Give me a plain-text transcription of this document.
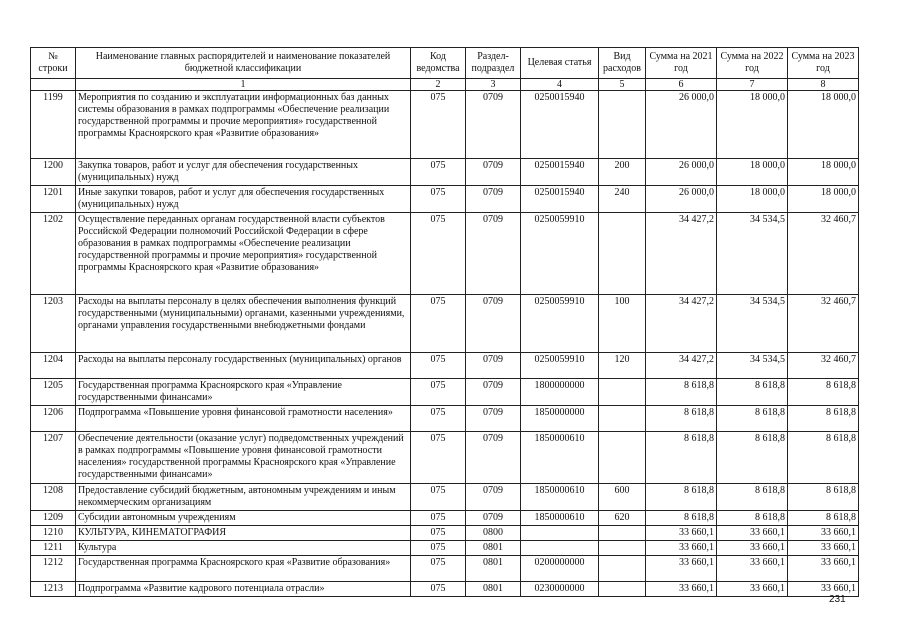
№ строки	Наименование главных распорядителей и наименование показателей бюджетной классификации	Код ведомства	Раздел-подраздел	Целевая статья	Вид расходов	Сумма на 2021 год	Сумма на 2022 год	Сумма на 2023 год
	1	2	3	4	5	6	7	8
1199	Мероприятия по созданию и эксплуатации информационных баз данных системы образования в рамках подпрограммы «Обеспечение реализации государственной программы и прочие мероприятия» государственной программы Красноярского края «Развитие образования»	075	0709	0250015940		26 000,0	18 000,0	18 000,0
1200	Закупка товаров, работ и услуг для обеспечения государственных (муниципальных) нужд	075	0709	0250015940	200	26 000,0	18 000,0	18 000,0
1201	Иные закупки товаров, работ и услуг для обеспечения государственных (муниципальных) нужд	075	0709	0250015940	240	26 000,0	18 000,0	18 000,0
1202	Осуществление переданных органам государственной власти субъектов Российской Федерации полномочий Российской Федерации в сфере образования в рамках подпрограммы «Обеспечение реализации государственной программы и прочие мероприятия» государственной программы Красноярского края «Развитие образования»	075	0709	0250059910		34 427,2	34 534,5	32 460,7
1203	Расходы на выплаты персоналу в целях обеспечения выполнения функций государственными (муниципальными) органами, казенными учреждениями, органами управления государственными внебюджетными фондами	075	0709	0250059910	100	34 427,2	34 534,5	32 460,7
1204	Расходы на выплаты персоналу государственных (муниципальных) органов	075	0709	0250059910	120	34 427,2	34 534,5	32 460,7
1205	Государственная программа Красноярского края «Управление государственными финансами»	075	0709	1800000000		8 618,8	8 618,8	8 618,8
1206	Подпрограмма «Повышение уровня финансовой грамотности населения»	075	0709	1850000000		8 618,8	8 618,8	8 618,8
1207	Обеспечение деятельности (оказание услуг) подведомственных учреждений в рамках подпрограммы «Повышение уровня финансовой грамотности населения» государственной программы Красноярского края «Управление государственными финансами»	075	0709	1850000610		8 618,8	8 618,8	8 618,8
1208	Предоставление субсидий бюджетным, автономным учреждениям и иным некоммерческим организациям	075	0709	1850000610	600	8 618,8	8 618,8	8 618,8
1209	Субсидии автономным учреждениям	075	0709	1850000610	620	8 618,8	8 618,8	8 618,8
1210	КУЛЬТУРА, КИНЕМАТОГРАФИЯ	075	0800			33 660,1	33 660,1	33 660,1
1211	Культура	075	0801			33 660,1	33 660,1	33 660,1
1212	Государственная программа Красноярского края «Развитие образования»	075	0801	0200000000		33 660,1	33 660,1	33 660,1
1213	Подпрограмма «Развитие кадрового потенциала отрасли»	075	0801	0230000000		33 660,1	33 660,1	33 660,1
231
